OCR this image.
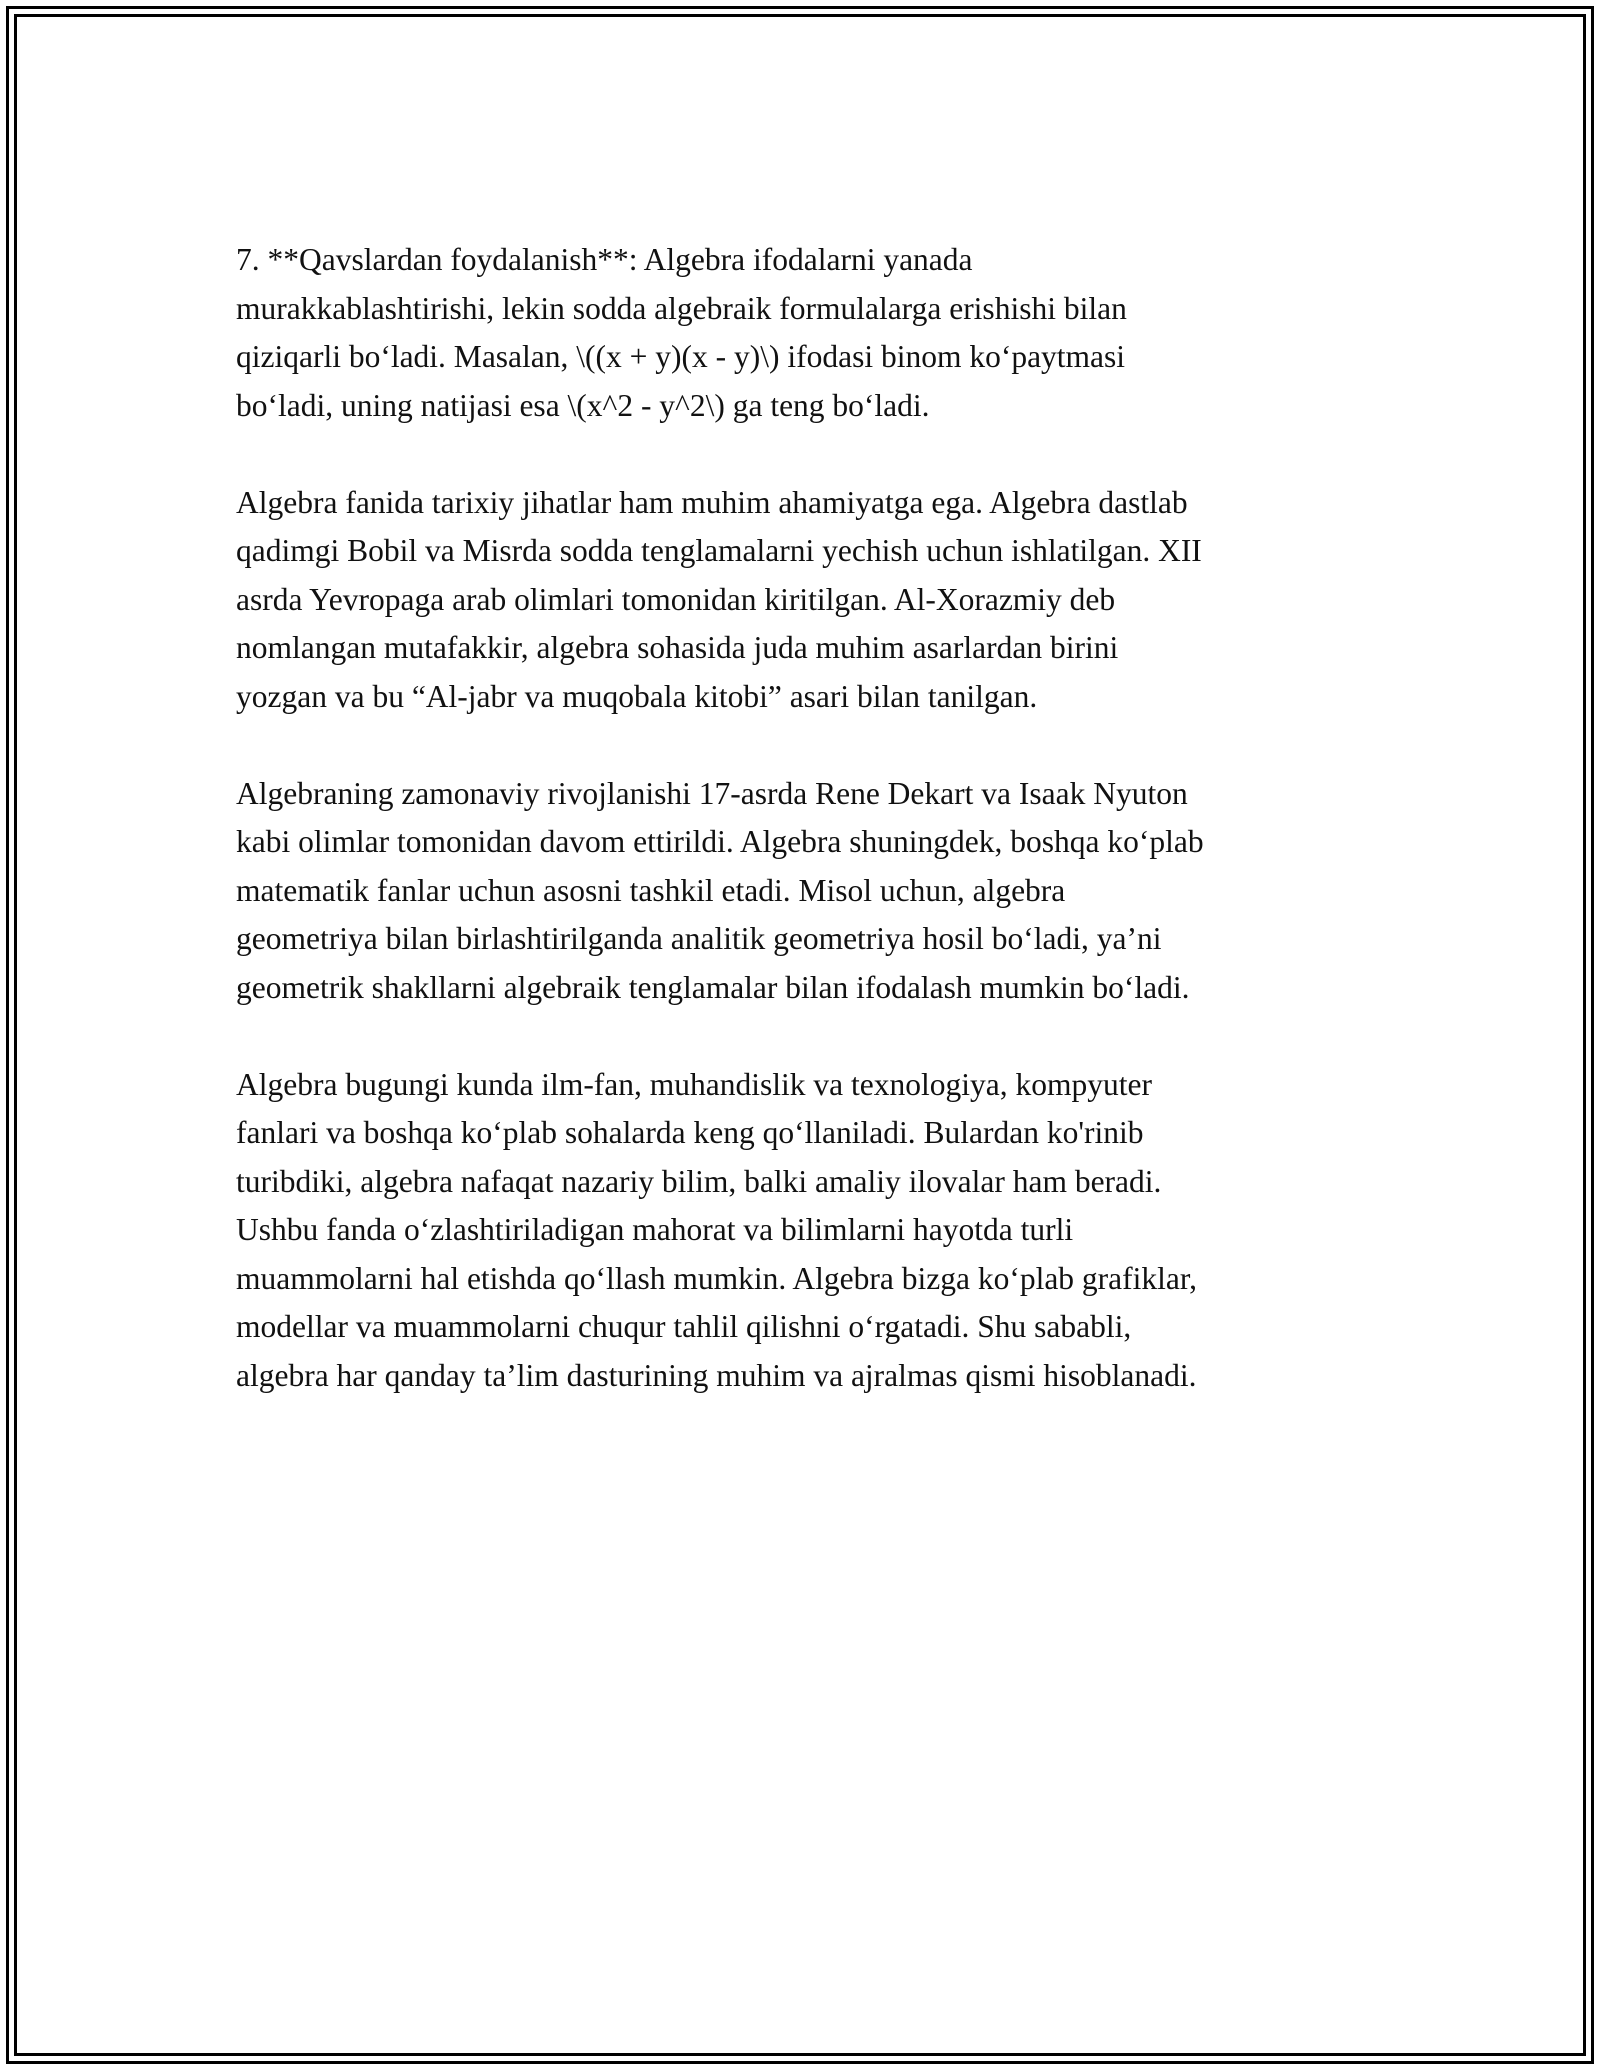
7. **Qavslardan foydalanish**: Algebra ifodalarni yanada
murakkablashtirishi, lekin sodda algebraik formulalarga erishishi bilan
qiziqarli bo‘ladi. Masalan, \((x + y)(x - y)\) ifodasi binom ko‘paytmasi
bo‘ladi, uning natijasi esa \(x^2 - y^2\) ga teng bo‘ladi.

Algebra fanida tarixiy jihatlar ham muhim ahamiyatga ega. Algebra dastlab
qadimgi Bobil va Misrda sodda tenglamalarni yechish uchun ishlatilgan. XII
asrda Yevropaga arab olimlari tomonidan kiritilgan. Al-Xorazmiy deb
nomlangan mutafakkir, algebra sohasida juda muhim asarlardan birini
yozgan va bu “Al-jabr va muqobala kitobi” asari bilan tanilgan.

Algebraning zamonaviy rivojlanishi 17-asrda Rene Dekart va Isaak Nyuton
kabi olimlar tomonidan davom ettirildi. Algebra shuningdek, boshqa ko‘plab
matematik fanlar uchun asosni tashkil etadi. Misol uchun, algebra
geometriya bilan birlashtirilganda analitik geometriya hosil bo‘ladi, ya’ni
geometrik shakllarni algebraik tenglamalar bilan ifodalash mumkin bo‘ladi.

Algebra bugungi kunda ilm-fan, muhandislik va texnologiya, kompyuter
fanlari va boshqa ko‘plab sohalarda keng qo‘llaniladi. Bulardan ko'rinib
turibdiki, algebra nafaqat nazariy bilim, balki amaliy ilovalar ham beradi.
Ushbu fanda o‘zlashtiriladigan mahorat va bilimlarni hayotda turli
muammolarni hal etishda qo‘llash mumkin. Algebra bizga ko‘plab grafiklar,
modellar va muammolarni chuqur tahlil qilishni o‘rgatadi. Shu sababli,
algebra har qanday ta’lim dasturining muhim va ajralmas qismi hisoblanadi.
